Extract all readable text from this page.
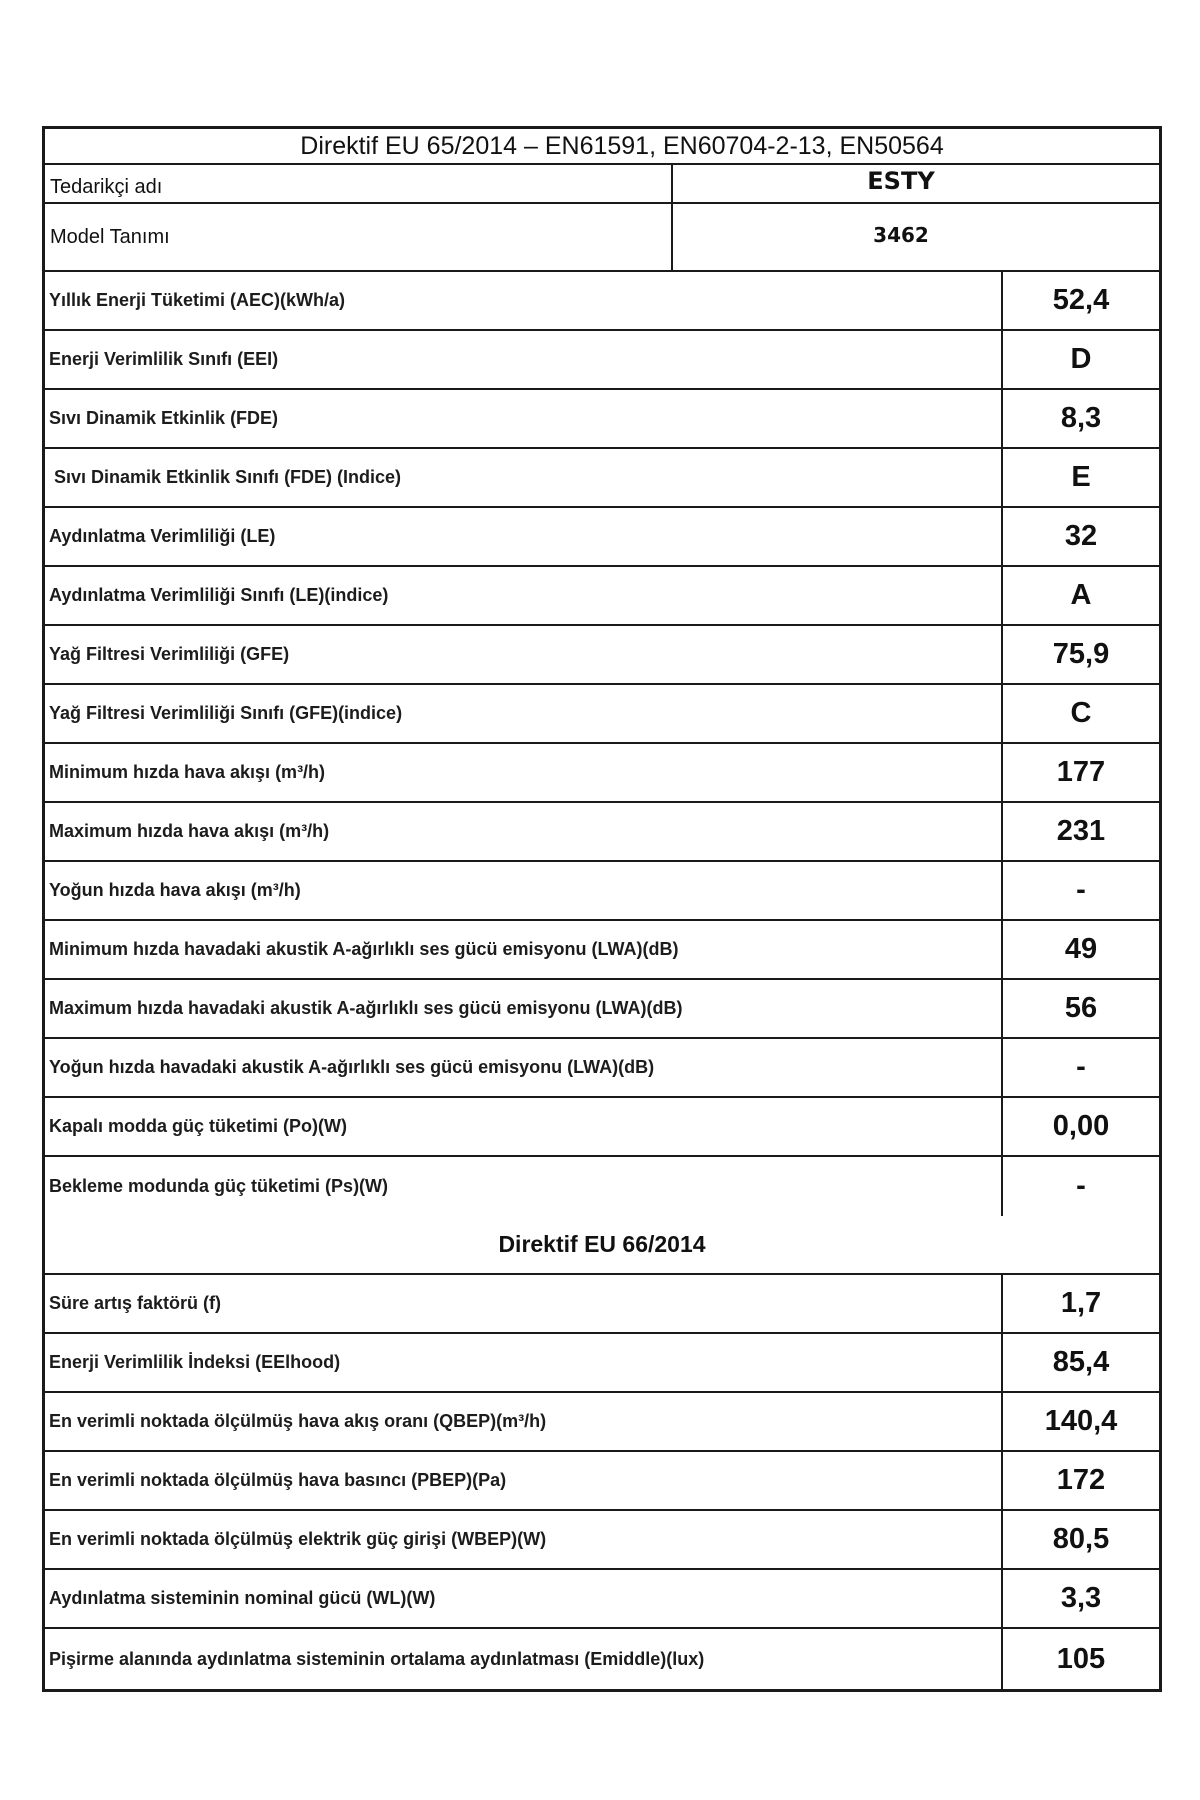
Direktif EU 65/2014 – EN61591, EN60704-2-13, EN50564
Tedarikçi adı	ESTY
Model Tanımı	3462
Yıllık Enerji Tüketimi (AEC)(kWh/a)	52,4
Enerji Verimlilik Sınıfı (EEI)	D
Sıvı Dinamik Etkinlik (FDE)	8,3
Sıvı Dinamik Etkinlik Sınıfı (FDE) (Indice)	E
Aydınlatma Verimliliği (LE)	32
Aydınlatma Verimliliği Sınıfı (LE)(indice)	A
Yağ Filtresi Verimliliği (GFE)	75,9
Yağ Filtresi Verimliliği Sınıfı (GFE)(indice)	C
Minimum hızda hava akışı (m³/h)	177
Maximum hızda hava akışı (m³/h)	231
Yoğun hızda hava akışı (m³/h)	-
Minimum hızda havadaki akustik A-ağırlıklı ses gücü emisyonu (LWA)(dB)	49
Maximum hızda havadaki akustik A-ağırlıklı ses gücü emisyonu (LWA)(dB)	56
Yoğun hızda havadaki akustik A-ağırlıklı ses gücü emisyonu (LWA)(dB)	-
Kapalı modda güç tüketimi (Po)(W)	0,00
Bekleme modunda güç tüketimi (Ps)(W)	-
Direktif EU 66/2014
Süre artış faktörü (f)	1,7
Enerji Verimlilik İndeksi (EElhood)	85,4
En verimli noktada ölçülmüş hava akış oranı (QBEP)(m³/h)	140,4
En verimli noktada ölçülmüş hava basıncı (PBEP)(Pa)	172
En verimli noktada ölçülmüş elektrik güç girişi (WBEP)(W)	80,5
Aydınlatma sisteminin nominal gücü (WL)(W)	3,3
Pişirme alanında aydınlatma sisteminin ortalama aydınlatması (Emiddle)(lux)	105
